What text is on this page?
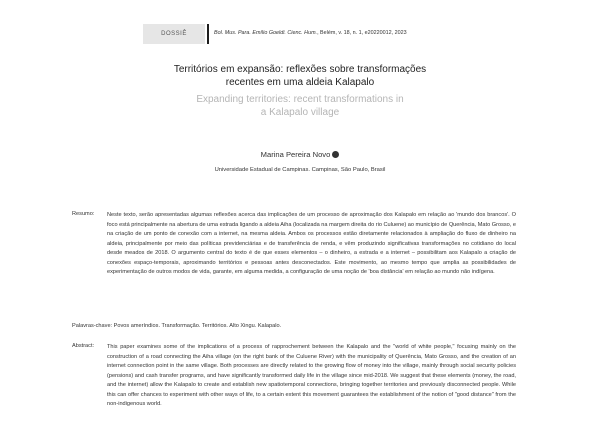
DOSSIÊ	Bol. Mus. Para. Emílio Goeldi. Cienc. Hum., Belém, v. 18, n. 1, e20220012, 2023
Territórios em expansão: reflexões sobre transformações
recentes em uma aldeia Kalapalo
Expanding territories: recent transformations in
a Kalapalo village
Marina Pereira Novo
Universidade Estadual de Campinas. Campinas, São Paulo, Brasil
Resumo: Neste texto, serão apresentadas algumas reflexões acerca das implicações de um processo de aproximação dos Kalapalo em relação ao 'mundo dos brancos'. O foco está principalmente na abertura de uma estrada ligando a aldeia Aiha (localizada na margem direita do rio Culuene) ao município de Querência, Mato Grosso, e na criação de um ponto de conexão com a internet, na mesma aldeia. Ambos os processos estão diretamente relacionados à ampliação do fluxo de dinheiro na aldeia, principalmente por meio das políticas previdenciárias e de transferência de renda, e vêm produzindo significativas transformações no cotidiano do local desde meados de 2018. O argumento central do texto é de que esses elementos – o dinheiro, a estrada e a internet – possibilitam aos Kalapalo a criação de conexões espaço-temporais, aproximando territórios e pessoas antes desconectados. Este movimento, ao mesmo tempo que amplia as possibilidades de experimentação de outros modos de vida, garante, em alguma medida, a configuração de uma noção de 'boa distância' em relação ao mundo não indígena.
Palavras-chave: Povos ameríndios. Transformação. Territórios. Alto Xingu. Kalapalo.
Abstract: This paper examines some of the implications of a process of rapprochement between the Kalapalo and the "world of white people," focusing mainly on the construction of a road connecting the Aiha village (on the right bank of the Culuene River) with the municipality of Querência, Mato Grosso, and the creation of an internet connection point in the same village. Both processes are directly related to the growing flow of money into the village, mainly through social security policies (pensions) and cash transfer programs, and have significantly transformed daily life in the village since mid-2018. We suggest that these elements (money, the road, and the internet) allow the Kalapalo to create and establish new spatiotemporal connections, bringing together territories and previously disconnected people. While this can offer chances to experiment with other ways of life, to a certain extent this movement guarantees the establishment of the notion of "good distance" from the non-indigenous world.
